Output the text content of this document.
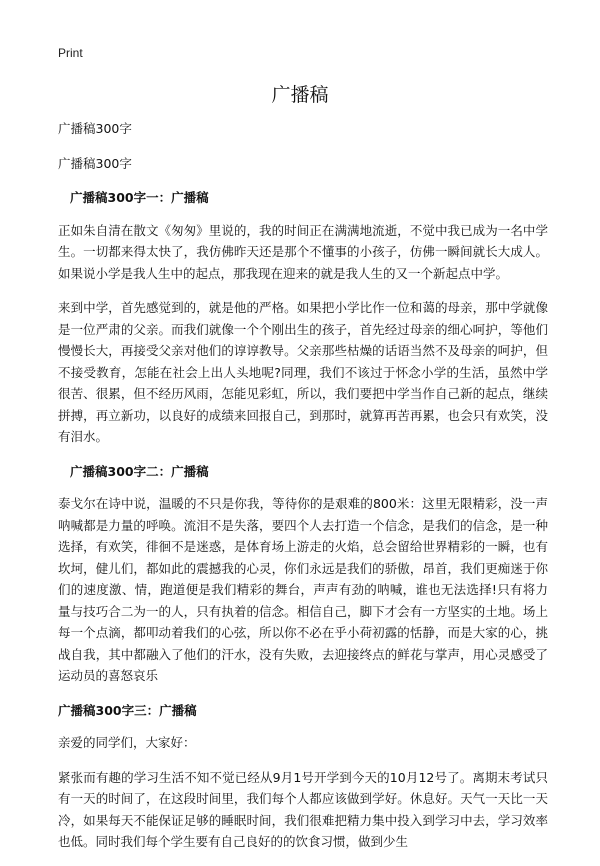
Print
广播稿

广播稿300字

广播稿300字

广播稿300字一：广播稿

正如朱自清在散文《匆匆》里说的，我的时间正在满满地流逝，不觉中我已成为一名中学生。一切都来得太快了，我仿佛昨天还是那个不懂事的小孩子，仿佛一瞬间就长大成人。如果说小学是我人生中的起点，那我现在迎来的就是我人生的又一个新起点中学。

来到中学，首先感觉到的，就是他的严格。如果把小学比作一位和蔼的母亲，那中学就像是一位严肃的父亲。而我们就像一个个刚出生的孩子，首先经过母亲的细心呵护，等他们慢慢长大，再接受父亲对他们的谆谆教导。父亲那些枯燥的话语当然不及母亲的呵护，但不接受教育，怎能在社会上出人头地呢?同理，我们不该过于怀念小学的生活，虽然中学很苦、很累，但不经历风雨，怎能见彩虹，所以，我们要把中学当作自己新的起点，继续拼搏，再立新功，以良好的成绩来回报自己，到那时，就算再苦再累，也会只有欢笑，没有泪水。

广播稿300字二：广播稿

泰戈尔在诗中说，温暖的不只是你我，等待你的是艰难的800米：这里无限精彩，没一声呐喊都是力量的呼唤。流泪不是失落，要四个人去打造一个信念，是我们的信念，是一种选择，有欢笑，徘徊不是迷惑，是体育场上游走的火焰，总会留给世界精彩的一瞬，也有坎坷，健儿们，都如此的震撼我的心灵，你们永远是我们的骄傲，昂首，我们更痴迷于你们的速度激、情，跑道便是我们精彩的舞台，声声有劲的呐喊，谁也无法选择!只有将力量与技巧合二为一的人，只有执着的信念。相信自己，脚下才会有一方坚实的土地。场上每一个点滴，都叩动着我们的心弦，所以你不必在乎小荷初露的恬静，而是大家的心，挑战自我，其中都融入了他们的汗水，没有失败，去迎接终点的鲜花与掌声，用心灵感受了运动员的喜怒哀乐

广播稿300字三：广播稿

亲爱的同学们，大家好：

紧张而有趣的学习生活不知不觉已经从9月1号开学到今天的10月12号了。离期末考试只有一天的时间了，在这段时间里，我们每个人都应该做到学好。休息好。天气一天比一天冷，如果每天不能保证足够的睡眠时间，我们很难把精力集中投入到学习中去，学习效率也低。同时我们每个学生要有自己良好的的饮食习惯，做到少生
